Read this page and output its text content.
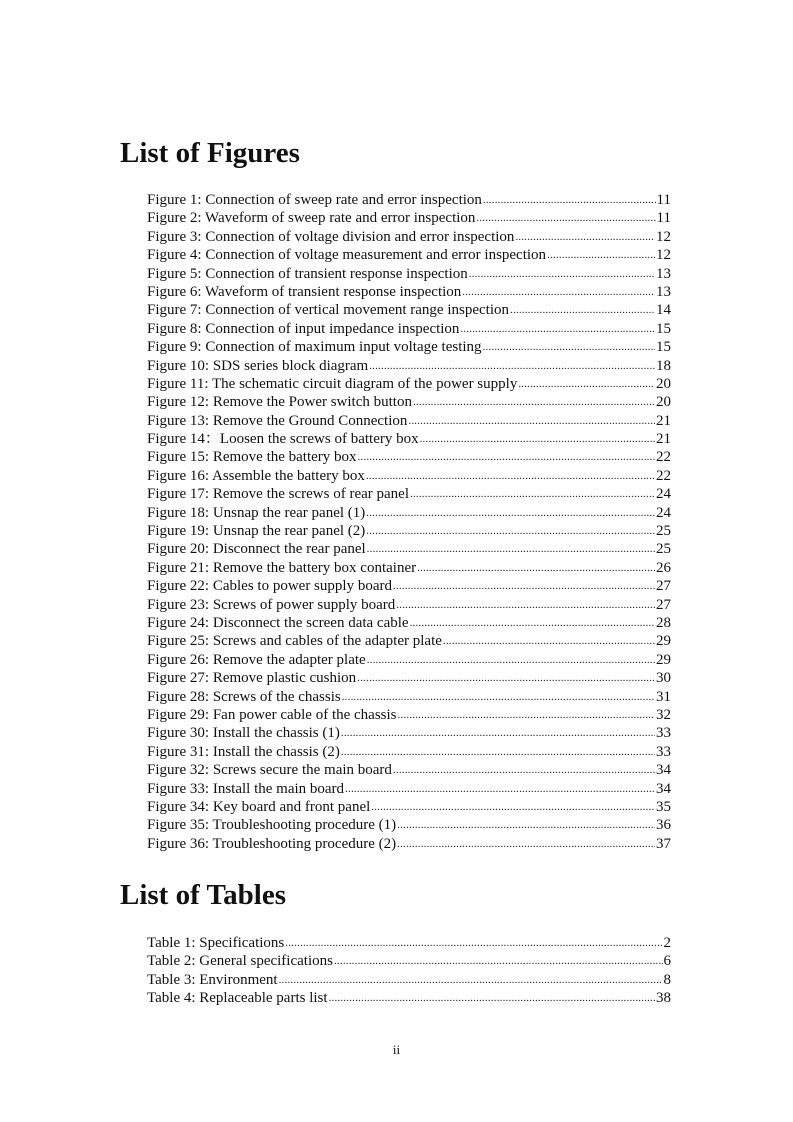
List of Figures
Figure 1: Connection of sweep rate and error inspection .....	11
Figure 2: Waveform of sweep rate and error inspection .....	11
Figure 3: Connection of voltage division and error inspection .....	12
Figure 4: Connection of voltage measurement and error inspection .....	12
Figure 5: Connection of transient response inspection .....	13
Figure 6: Waveform of transient response inspection .....	13
Figure 7: Connection of vertical movement range inspection .....	14
Figure 8: Connection of input impedance inspection .....	15
Figure 9: Connection of maximum input voltage testing .....	15
Figure 10: SDS series block diagram .....	18
Figure 11: The schematic circuit diagram of the power supply .....	20
Figure 12: Remove the Power switch button .....	20
Figure 13: Remove the Ground Connection .....	21
Figure 14：Loosen the screws of battery box .....	21
Figure 15: Remove the battery box .....	22
Figure 16: Assemble the battery box .....	22
Figure 17: Remove the screws of rear panel .....	24
Figure 18: Unsnap the rear panel (1) .....	24
Figure 19: Unsnap the rear panel (2) .....	25
Figure 20: Disconnect the rear panel .....	25
Figure 21: Remove the battery box container .....	26
Figure 22: Cables to power supply board .....	27
Figure 23: Screws of power supply board .....	27
Figure 24: Disconnect the screen data cable .....	28
Figure 25: Screws and cables of the adapter plate .....	29
Figure 26: Remove the adapter plate .....	29
Figure 27: Remove plastic cushion .....	30
Figure 28: Screws of the chassis .....	31
Figure 29: Fan power cable of the chassis .....	32
Figure 30: Install the chassis (1) .....	33
Figure 31: Install the chassis (2) .....	33
Figure 32: Screws secure the main board .....	34
Figure 33: Install the main board .....	34
Figure 34: Key board and front panel .....	35
Figure 35: Troubleshooting procedure (1) .....	36
Figure 36: Troubleshooting procedure (2) .....	37
List of Tables
Table 1: Specifications .....	2
Table 2: General specifications .....	6
Table 3: Environment .....	8
Table 4: Replaceable parts list .....	38
ii
